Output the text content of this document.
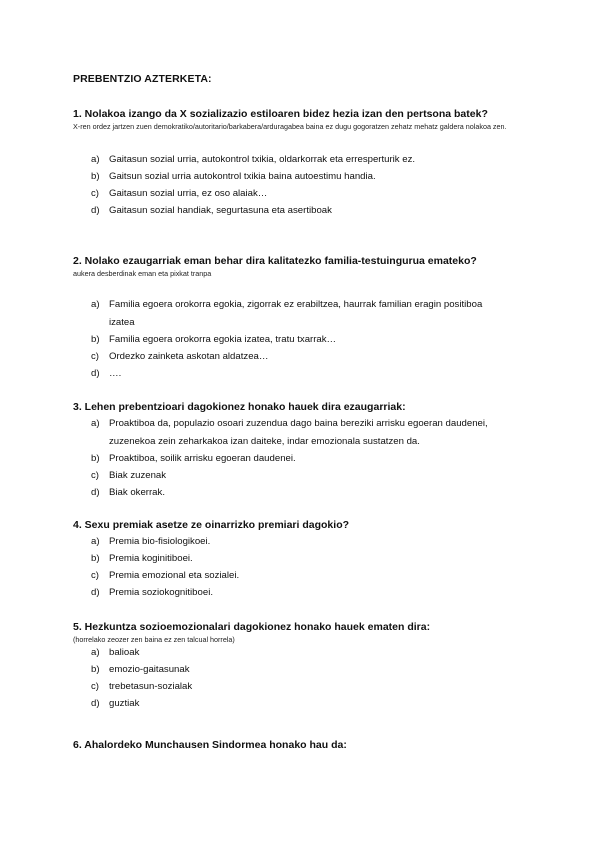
PREBENTZIO AZTERKETA:
1. Nolakoa izango da X sozializazio estiloaren bidez hezia izan den pertsona batek?
X-ren ordez jartzen zuen demokratiko/autoritario/barkabera/arduragabea baina ez dugu gogoratzen zehatz mehatz galdera nolakoa zen.
a) Gaitasun sozial urria, autokontrol txikia, oldarkorrak eta erresperturik ez.
b) Gaitsun sozial urria autokontrol txikia baina autoestimu handia.
c) Gaitasun sozial urria, ez oso alaiak…
d) Gaitasun sozial handiak, segurtasuna eta asertiboak
2. Nolako ezaugarriak eman behar dira kalitatezko familia-testuingurua emateko?
aukera desberdinak eman eta pixkat tranpa
a) Familia egoera orokorra egokia, zigorrak ez erabiltzea, haurrak familian eragin positiboa izatea
b) Familia egoera orokorra egokia izatea, tratu txarrak…
c) Ordezko zainketa askotan aldatzea…
d) ….
3. Lehen prebentzioari dagokionez honako hauek dira ezaugarriak:
a) Proaktiboa da, populazio osoari zuzendua dago baina bereziki arrisku egoeran daudenei, zuzenekoa zein zeharkakoa izan daiteke, indar emozionala sustatzen da.
b) Proaktiboa, soilik arrisku egoeran daudenei.
c) Biak zuzenak
d) Biak okerrak.
4. Sexu premiak asetze ze oinarrizko premiari dagokio?
a) Premia bio-fisiologikoei.
b) Premia koginitiboei.
c) Premia emozional eta sozialei.
d) Premia soziokognitiboei.
5. Hezkuntza sozioemozionalari dagokionez honako hauek ematen dira:
(horrelako zeozer zen baina ez zen talcual horrela)
a) balioak
b) emozio-gaitasunak
c) trebetasun-sozialak
d) guztiak
6. Ahalordeko Munchausen Sindormea honako hau da:
